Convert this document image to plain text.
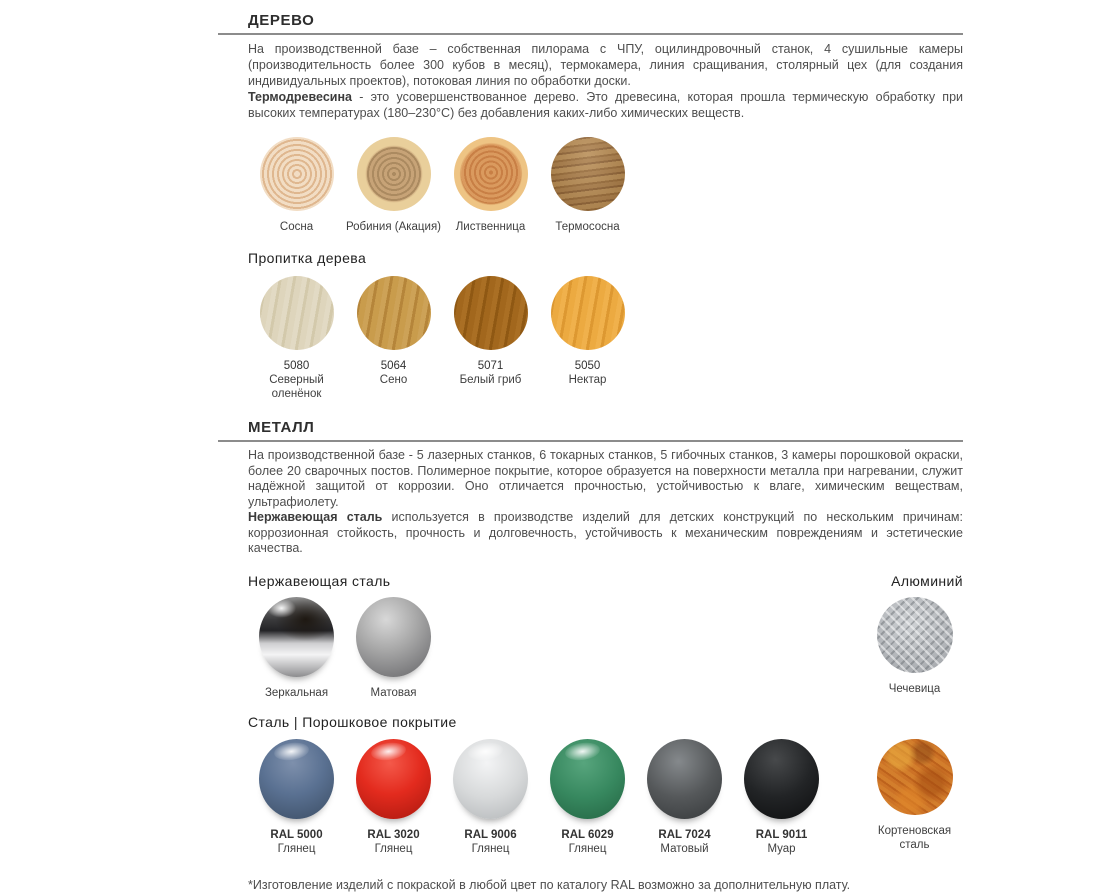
ДЕРЕВО
На производственной базе – собственная пилорама с ЧПУ, оцилиндровочный станок, 4 сушильные камеры (производительность более 300 кубов в месяц), термокамера, линия сращивания, столярный цех (для создания индивидуальных проектов), потоковая линия по обработки доски.
Термодревесина - это усовершенствованное дерево. Это древесина, которая прошла термическую обработку при высоких температурах (180–230°С) без добавления каких-либо химических веществ.
Сосна	Робиния (Акация) Лиственница	Термососна
Пропитка дерева
5080
Северный оленёнок
5064
Сено
5071
Белый гриб
5050
Нектар
МЕТАЛЛ
На производственной базе - 5 лазерных станков, 6 токарных станков, 5 гибочных станков, 3 камеры порошковой окраски, более 20 сварочных постов. Полимерное покрытие, которое образуется на поверхности металла при нагревании, служит надёжной защитой от коррозии. Оно отличается прочностью, устойчивостью к влаге, химическим веществам, ультрафиолету.
Нержавеющая сталь используется в производстве изделий для детских конструкций по нескольким причинам: коррозионная стойкость, прочность и долговечность, устойчивость к механическим повреждениям и эстетические качества.
Нержавеющая сталь	Алюминий
Зеркальная	Матовая	Чечевица
Сталь | Порошковое покрытие
RAL 5000
Глянец
RAL 3020
Глянец
RAL 9006
Глянец
RAL 6029
Глянец
RAL 7024
Матовый
RAL 9011
Муар
Кортеновская сталь
*Изготовление изделий с покраской в любой цвет по каталогу RAL возможно за дополнительную плату.
